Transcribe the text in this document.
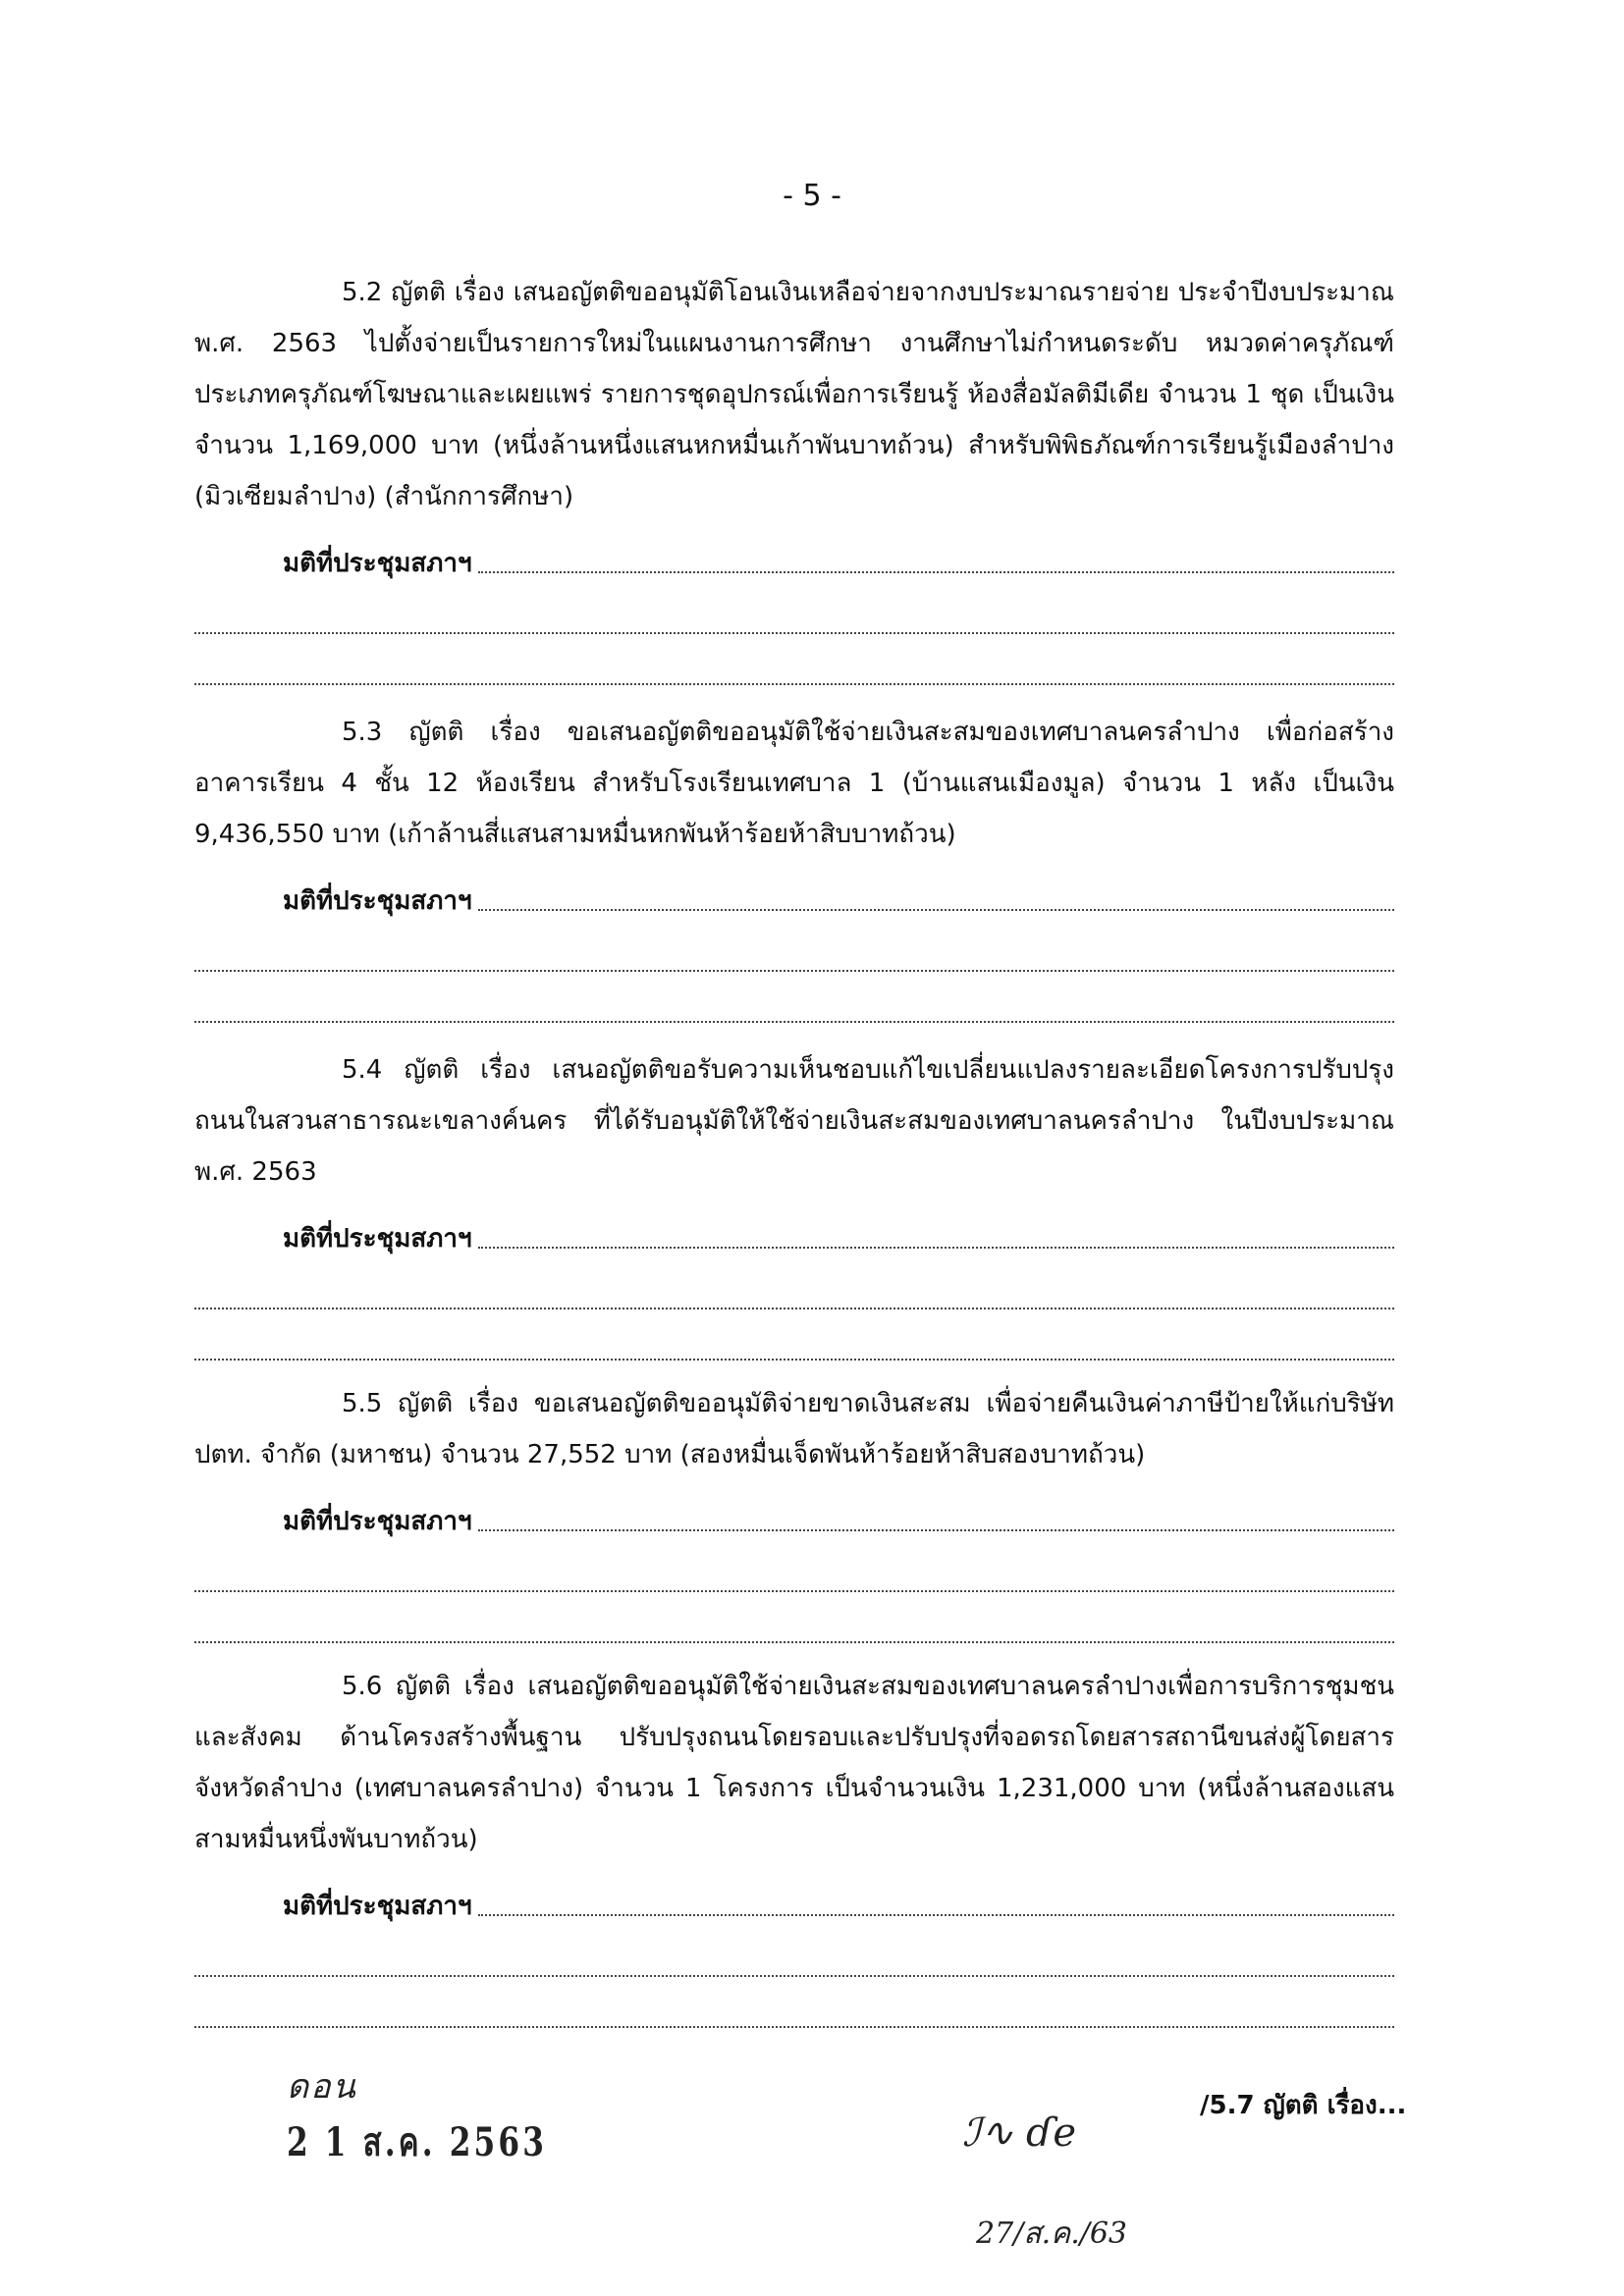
- 5 -

5.2 ญัตติ เรื่อง เสนอญัตติขออนุมัติโอนเงินเหลือจ่ายจากงบประมาณรายจ่าย ประจำปีงบประมาณ พ.ศ. 2563 ไปตั้งจ่ายเป็นรายการใหม่ในแผนงานการศึกษา งานศึกษาไม่กำหนดระดับ หมวดค่าครุภัณฑ์ ประเภทครุภัณฑ์โฆษณาและเผยแพร่ รายการชุดอุปกรณ์เพื่อการเรียนรู้ ห้องสื่อมัลติมีเดีย จำนวน 1 ชุด เป็นเงินจำนวน 1,169,000 บาท (หนึ่งล้านหนึ่งแสนหกหมื่นเก้าพันบาทถ้วน) สำหรับพิพิธภัณฑ์การเรียนรู้เมืองลำปาง (มิวเซียมลำปาง) (สำนักการศึกษา)

มติที่ประชุมสภาฯ

5.3 ญัตติ เรื่อง ขอเสนอญัตติขออนุมัติใช้จ่ายเงินสะสมของเทศบาลนครลำปาง เพื่อก่อสร้างอาคารเรียน 4 ชั้น 12 ห้องเรียน สำหรับโรงเรียนเทศบาล 1 (บ้านแสนเมืองมูล) จำนวน 1 หลัง เป็นเงิน 9,436,550 บาท (เก้าล้านสี่แสนสามหมื่นหกพันห้าร้อยห้าสิบบาทถ้วน)

มติที่ประชุมสภาฯ

5.4 ญัตติ เรื่อง เสนอญัตติขอรับความเห็นชอบแก้ไขเปลี่ยนแปลงรายละเอียดโครงการปรับปรุงถนนในสวนสาธารณะเขลางค์นคร ที่ได้รับอนุมัติให้ใช้จ่ายเงินสะสมของเทศบาลนครลำปาง ในปีงบประมาณ พ.ศ. 2563

มติที่ประชุมสภาฯ

5.5 ญัตติ เรื่อง ขอเสนอญัตติขออนุมัติจ่ายขาดเงินสะสม เพื่อจ่ายคืนเงินค่าภาษีป้ายให้แก่บริษัท ปตท. จำกัด (มหาชน) จำนวน 27,552 บาท (สองหมื่นเจ็ดพันห้าร้อยห้าสิบสองบาทถ้วน)

มติที่ประชุมสภาฯ

5.6 ญัตติ เรื่อง เสนอญัตติขออนุมัติใช้จ่ายเงินสะสมของเทศบาลนครลำปางเพื่อการบริการชุมชนและสังคม ด้านโครงสร้างพื้นฐาน ปรับปรุงถนนโดยรอบและปรับปรุงที่จอดรถโดยสารสถานีขนส่งผู้โดยสารจังหวัดลำปาง (เทศบาลนครลำปาง) จำนวน 1 โครงการ เป็นจำนวนเงิน 1,231,000 บาท (หนึ่งล้านสองแสนสามหมื่นหนึ่งพันบาทถ้วน)

มติที่ประชุมสภาฯ
ดอน
2 1 ส.ค. 2563	ℐ∿ ɗe
27/ส.ค./63
/5.7 ญัตติ เรื่อง...
